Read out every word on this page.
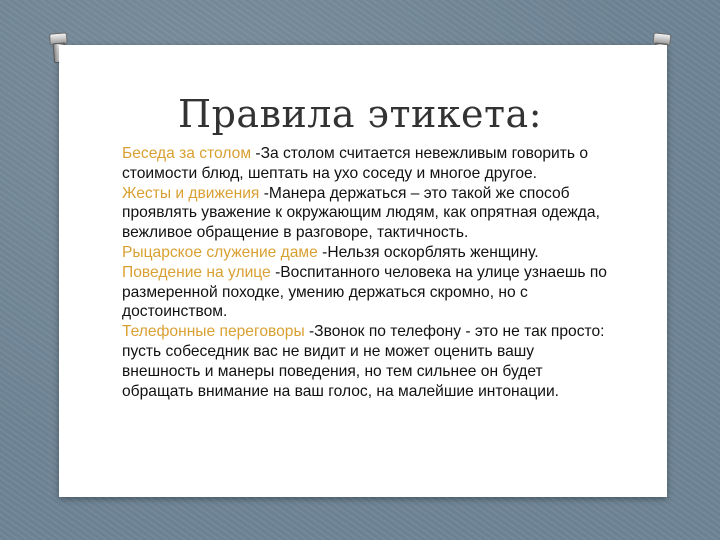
Правила этикета:

Беседа за столом -За столом считается невежливым говорить о стоимости блюд, шептать на ухо соседу и многое другое.

Жесты и движения -Манера держаться – это такой же способ проявлять уважение к окружающим людям, как опрятная одежда, вежливое обращение в разговоре, тактичность.

Рыцарское служение даме -Нельзя оскорблять женщину.

Поведение на улице -Воспитанного человека на улице узнаешь по размеренной походке, умению держаться скромно, но с достоинством.

Телефонные переговоры -Звонок по телефону - это не так просто: пусть собеседник вас не видит и не может оценить вашу внешность и манеры поведения, но тем сильнее он будет обращать внимание на ваш голос, на малейшие интонации.
